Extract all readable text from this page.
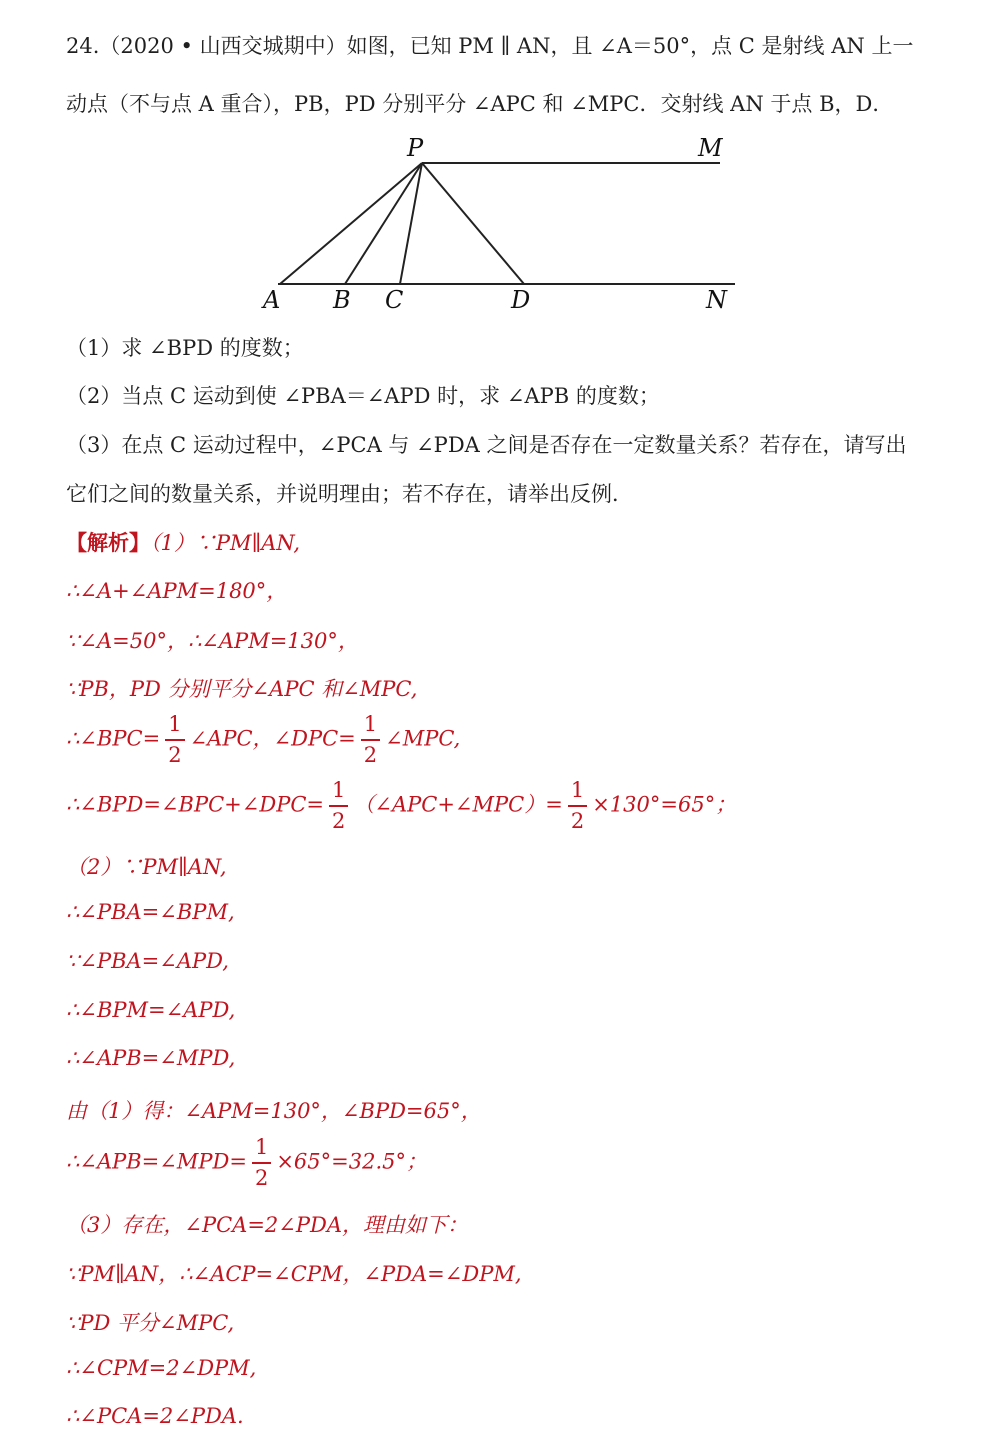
24.（2020 • 山西交城期中）如图，已知 PM ∥ AN，且 ∠A＝50°，点 C 是射线 AN 上一
动点（不与点 A 重合），PB，PD 分别平分 ∠APC 和 ∠MPC．交射线 AN 于点 B，D．
P	M
A B C	D	N
（1）求 ∠BPD 的度数；
（2）当点 C 运动到使 ∠PBA＝∠APD 时，求 ∠APB 的度数；
（3）在点 C 运动过程中，∠PCA 与 ∠PDA 之间是否存在一定数量关系？若存在，请写出
它们之间的数量关系，并说明理由；若不存在，请举出反例．
【解析】（1）∵PM∥AN,
∴∠A+∠APM=180°，
∵∠A=50°，∴∠APM=130°，
∵PB，PD 分别平分∠APC 和∠MPC,
∴∠BPC= $\frac{1}{2}$ ∠APC，∠DPC= $\frac{1}{2}$ ∠MPC,
∴∠BPD=∠BPC+∠DPC= $\frac{1}{2}$ （∠APC+∠MPC）= $\frac{1}{2} \times 130^\circ=65^\circ$；
（2）∵PM∥AN,
∴∠PBA=∠BPM,
∵∠PBA=∠APD,
∴∠BPM=∠APD,
∴∠APB=∠MPD,
由（1）得：∠APM=130°，∠BPD=65°，
∴∠APB=∠MPD= $\frac{1}{2} \times 65^\circ=32.5^\circ$；
（3）存在，∠PCA=2∠PDA，理由如下：
∵PM∥AN，∴∠ACP=∠CPM，∠PDA=∠DPM,
∵PD 平分∠MPC,
∴∠CPM=2∠DPM,
∴∠PCA=2∠PDA.
